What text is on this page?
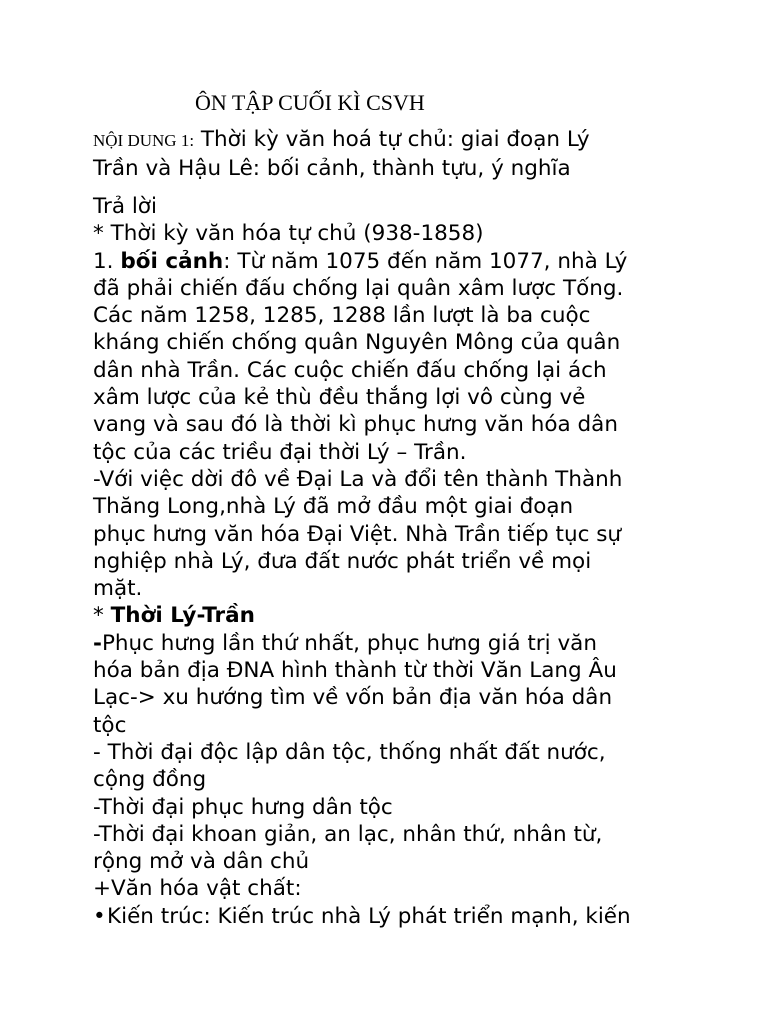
ÔN TẬP CUỐI KÌ CSVH
NỘI DUNG 1: Thời kỳ văn hoá tự chủ: giai đoạn Lý
Trần và Hậu Lê: bối cảnh, thành tựu, ý nghĩa
Trả lời
* Thời kỳ văn hóa tự chủ (938-1858)
1. bối cảnh: Từ năm 1075 đến năm 1077, nhà Lý
đã phải chiến đấu chống lại quân xâm lược Tống.
Các năm 1258, 1285, 1288 lần lượt là ba cuộc
kháng chiến chống quân Nguyên Mông của quân
dân nhà Trần. Các cuộc chiến đấu chống lại ách
xâm lược của kẻ thù đều thắng lợi vô cùng vẻ
vang và sau đó là thời kì phục hưng văn hóa dân
tộc của các triều đại thời Lý – Trần.
-Với việc dời đô về Đại La và đổi tên thành Thành
Thăng Long,nhà Lý đã mở đầu một giai đoạn
phục hưng văn hóa Đại Việt. Nhà Trần tiếp tục sự
nghiệp nhà Lý, đưa đất nước phát triển về mọi
mặt.
* Thời Lý-Trần
-Phục hưng lần thứ nhất, phục hưng giá trị văn
hóa bản địa ĐNA hình thành từ thời Văn Lang Âu
Lạc-> xu hướng tìm về vốn bản địa văn hóa dân
tộc
- Thời đại độc lập dân tộc, thống nhất đất nước,
cộng đồng
-Thời đại phục hưng dân tộc
-Thời đại khoan giản, an lạc, nhân thứ, nhân từ,
rộng mở và dân chủ
+Văn hóa vật chất:
•Kiến trúc: Kiến trúc nhà Lý phát triển mạnh, kiến
